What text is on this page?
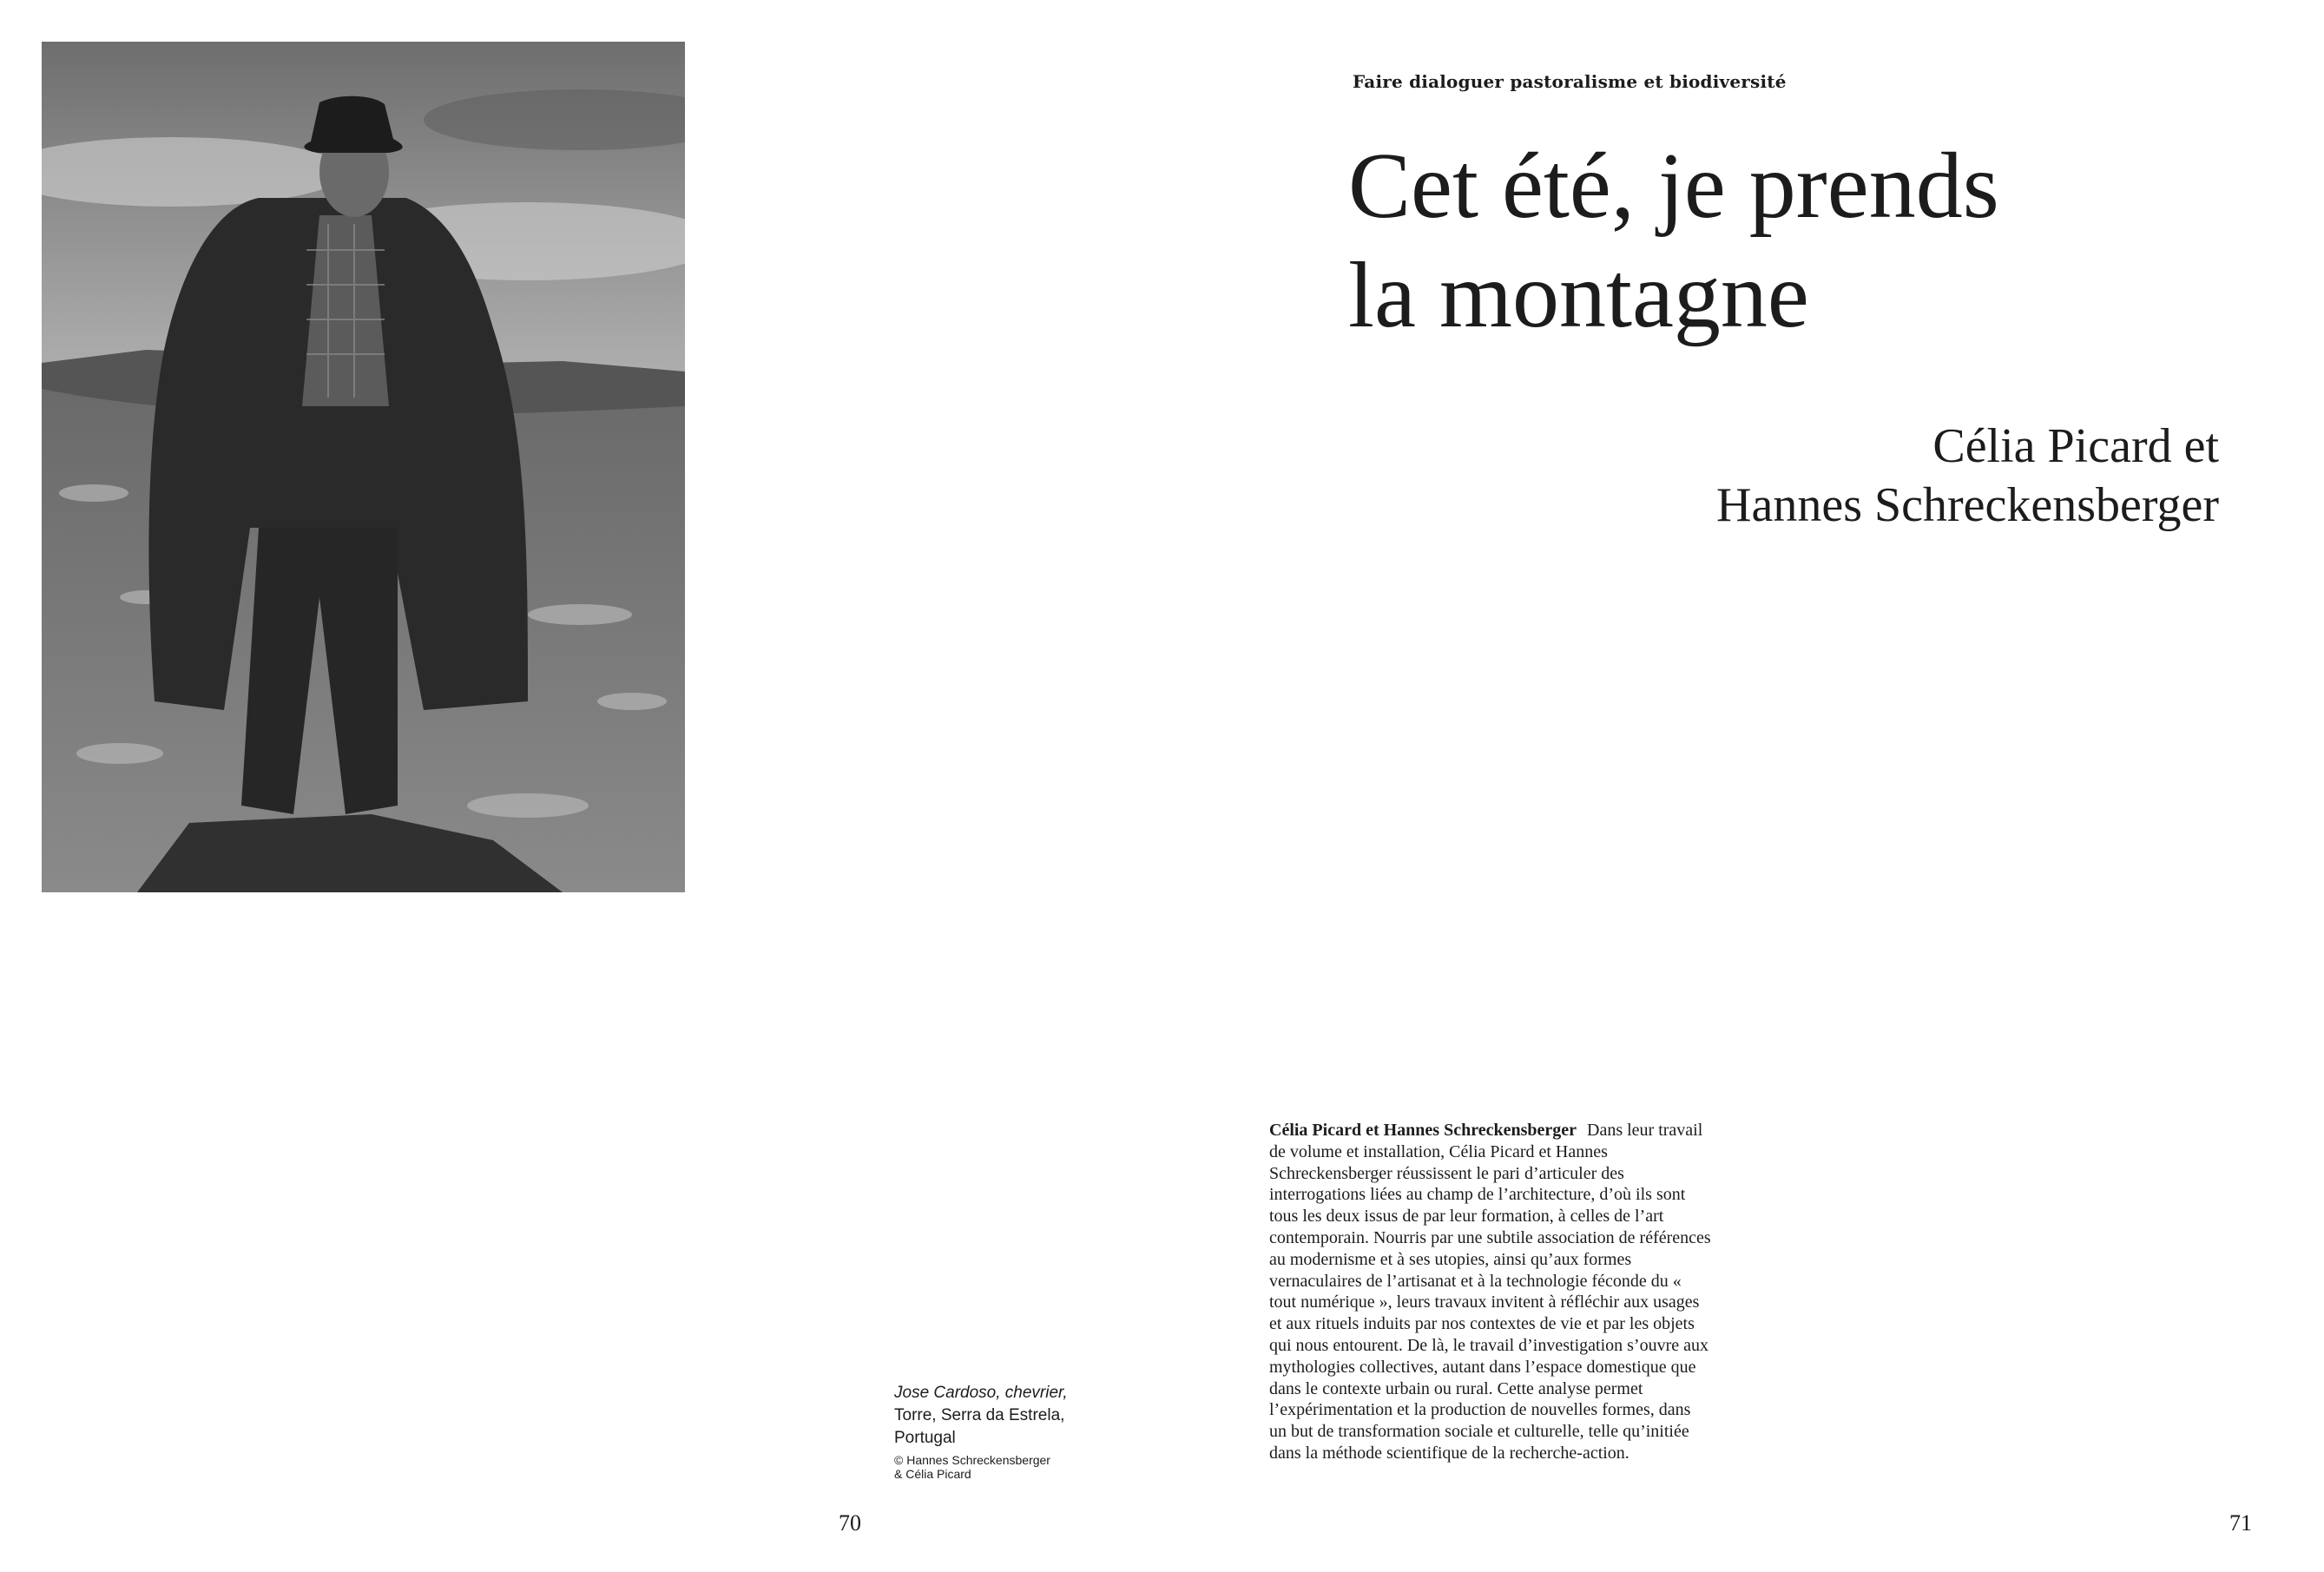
Faire dialoguer pastoralisme et biodiversité
Cet été, je prends
la montagne
Célia Picard et
Hannes Schreckensberger
Célia Picard et Hannes Schreckensberger Dans leur travail de volume et installation, Célia Picard et Hannes Schreckensberger réussissent le pari d’articuler des interrogations liées au champ de l’architecture, d’où ils sont tous les deux issus de par leur formation, à celles de l’art contemporain. Nourris par une subtile association de références au modernisme et à ses utopies, ainsi qu’aux formes vernaculaires de l’artisanat et à la technologie féconde du « tout numérique », leurs travaux invitent à réfléchir aux usages et aux rituels induits par nos contextes de vie et par les objets qui nous entourent. De là, le travail d’investigation s’ouvre aux mythologies collectives, autant dans l’espace domestique que dans le contexte urbain ou rural. Cette analyse permet l’expérimentation et la production de nouvelles formes, dans un but de transformation sociale et culturelle, telle qu’initiée dans la méthode scientifique de la recherche-action.
Jose Cardoso, chevrier,
Torre, Serra da Estrela,
Portugal
© Hannes Schreckensberger
& Célia Picard
70	71
